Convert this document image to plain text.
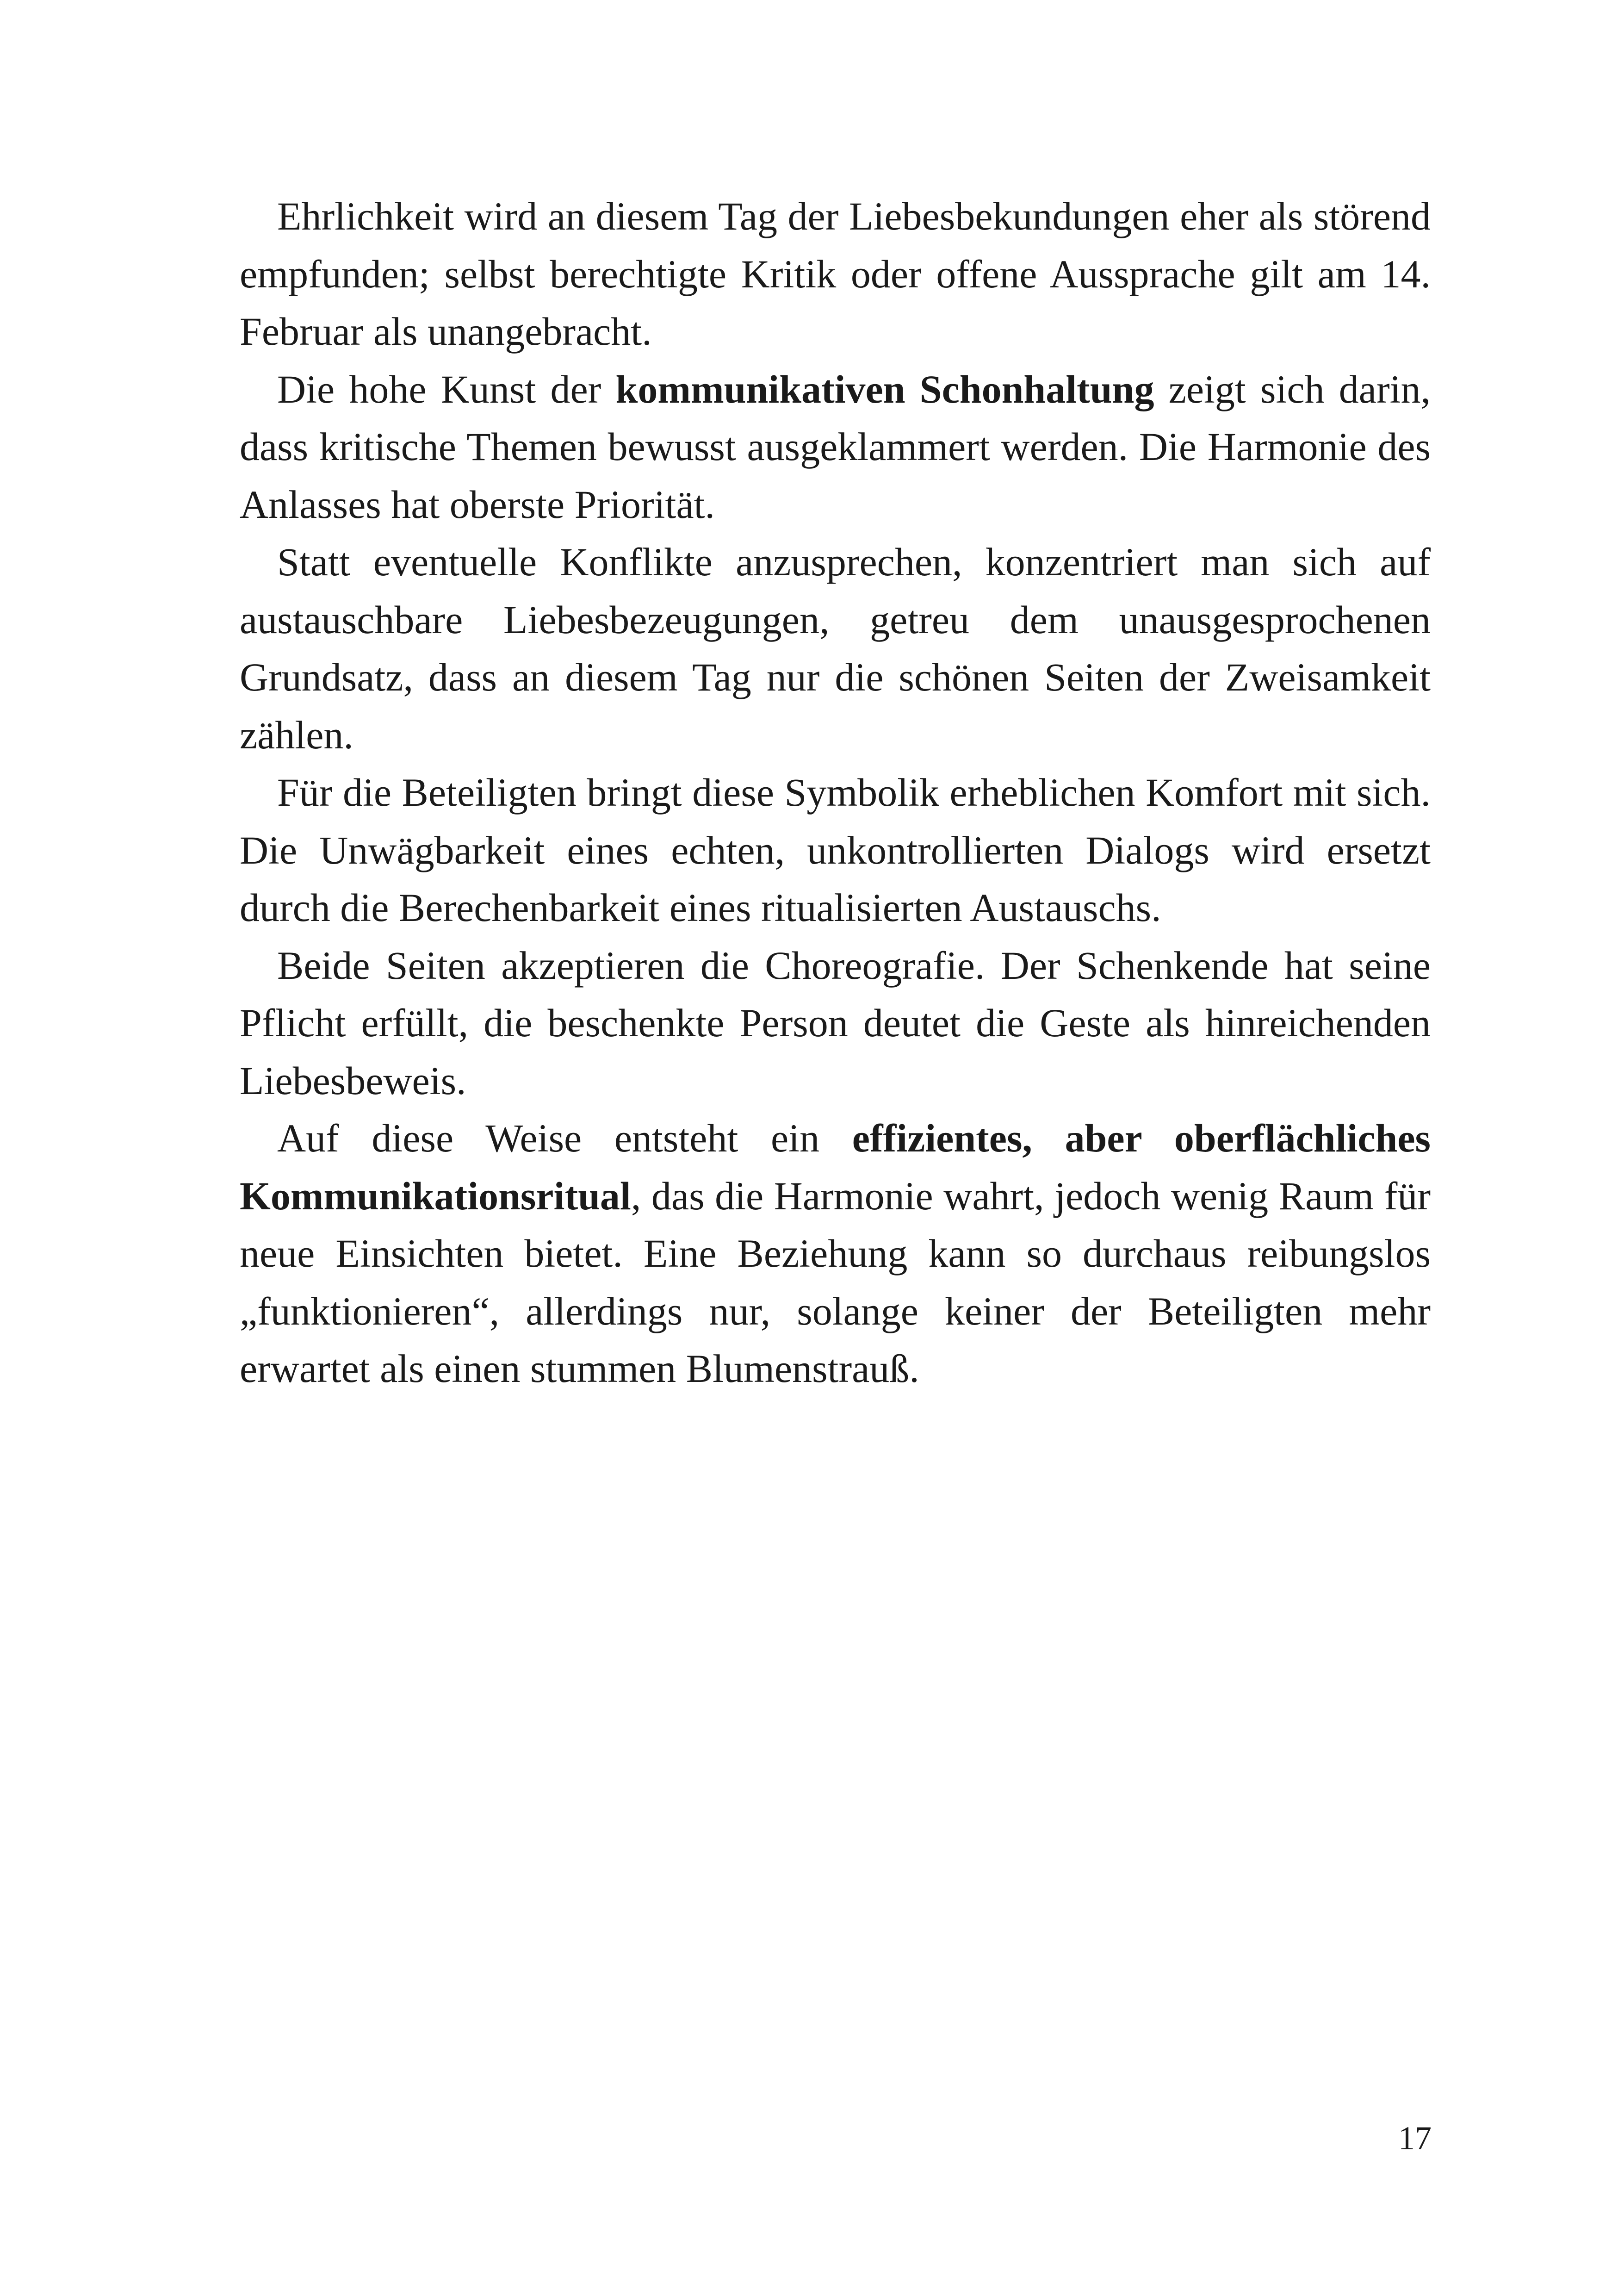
Ehrlichkeit wird an diesem Tag der Liebesbekundungen eher als störend empfunden; selbst berechtigte Kritik oder offene Aussprache gilt am 14. Februar als unangebracht.

Die hohe Kunst der kommunikativen Schonhaltung zeigt sich darin, dass kritische Themen bewusst ausgeklammert werden. Die Harmonie des Anlasses hat oberste Priorität.

Statt eventuelle Konflikte anzusprechen, konzentriert man sich auf austauschbare Liebesbezeugungen, getreu dem unausgesprochenen Grundsatz, dass an diesem Tag nur die schönen Seiten der Zweisamkeit zählen.

Für die Beteiligten bringt diese Symbolik erheblichen Komfort mit sich. Die Unwägbarkeit eines echten, unkontrollierten Dialogs wird ersetzt durch die Berechenbarkeit eines ritualisierten Austauschs.

Beide Seiten akzeptieren die Choreografie. Der Schenkende hat seine Pflicht erfüllt, die beschenkte Person deutet die Geste als hinreichenden Liebesbeweis.

Auf diese Weise entsteht ein effizientes, aber oberflächliches Kommunikationsritual, das die Harmonie wahrt, jedoch wenig Raum für neue Einsichten bietet. Eine Beziehung kann so durchaus reibungslos „funktionieren“, allerdings nur, solange keiner der Beteiligten mehr erwartet als einen stummen Blumenstrauß.

17
